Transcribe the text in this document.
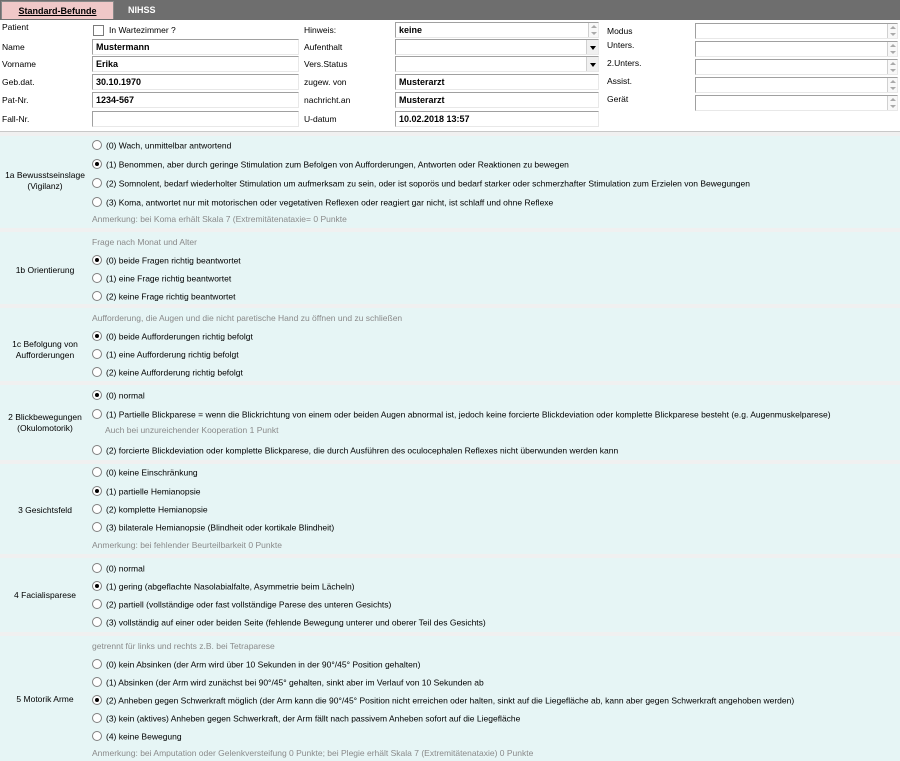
Standard-Befunde	NIHSS
Patient	In Wartezimmer ?
Name	Mustermann
Vorname	Erika
Geb.dat.	30.10.1970
Pat-Nr.	1234-567
Fall-Nr.
Hinweis:	keine
Aufenthalt
Vers.Status
zugew. von	Musterarzt
nachricht.an	Musterarzt
U-datum	10.02.2018 13:57
Modus
Unters.
2.Unters.
Assist.
Gerät
1a Bewusstseinslage (Vigilanz)
(0) Wach, unmittelbar antwortend
(1) Benommen, aber durch geringe Stimulation zum Befolgen von Aufforderungen, Antworten oder Reaktionen zu bewegen
(2) Somnolent, bedarf wiederholter Stimulation um aufmerksam zu sein, oder ist soporös und bedarf starker oder schmerzhafter Stimulation zum Erzielen von Bewegungen
(3) Koma, antwortet nur mit motorischen oder vegetativen Reflexen oder reagiert gar nicht, ist schlaff und ohne Reflexe
Anmerkung: bei Koma erhält Skala 7 (Extremitätenataxie= 0 Punkte
1b Orientierung
Frage nach Monat und Alter
(0) beide Fragen richtig beantwortet
(1) eine Frage richtig beantwortet
(2) keine Frage richtig beantwortet
1c Befolgung von Aufforderungen
Aufforderung, die Augen und die nicht paretische Hand zu öffnen und zu schließen
(0) beide Aufforderungen richtig befolgt
(1) eine Aufforderung richtig befolgt
(2) keine Aufforderung richtig befolgt
2 Blickbewegungen (Okulomotorik)
(0) normal
(1) Partielle Blickparese = wenn die Blickrichtung von einem oder beiden Augen abnormal ist, jedoch keine forcierte Blickdeviation oder komplette Blickparese besteht (e.g. Augenmuskelparese)
Auch bei unzureichender Kooperation 1 Punkt
(2) forcierte Blickdeviation oder komplette Blickparese, die durch Ausführen des oculocephalen Reflexes nicht überwunden werden kann
3 Gesichtsfeld
(0) keine Einschränkung
(1) partielle Hemianopsie
(2) komplette Hemianopsie
(3) bilaterale Hemianopsie (Blindheit oder kortikale Blindheit)
Anmerkung: bei fehlender Beurteilbarkeit 0 Punkte
4 Facialisparese
(0) normal
(1) gering (abgeflachte Nasolabialfalte, Asymmetrie beim Lächeln)
(2) partiell (vollständige oder fast vollständige Parese des unteren Gesichts)
(3) vollständig auf einer oder beiden Seite (fehlende Bewegung unterer und oberer Teil des Gesichts)
5 Motorik Arme
getrennt für links und rechts z.B. bei Tetraparese
(0) kein Absinken (der Arm wird über 10 Sekunden in der 90°/45° Position gehalten)
(1) Absinken (der Arm wird zunächst bei 90°/45° gehalten, sinkt aber im Verlauf von 10 Sekunden ab
(2) Anheben gegen Schwerkraft möglich (der Arm kann die 90°/45° Position nicht erreichen oder halten, sinkt auf die Liegefläche ab, kann aber gegen Schwerkraft angehoben werden)
(3) kein (aktives) Anheben gegen Schwerkraft, der Arm fällt nach passivem Anheben sofort auf die Liegefläche
(4) keine Bewegung
Anmerkung: bei Amputation oder Gelenkversteifung 0 Punkte; bei Plegie erhält Skala 7 (Extremitätenataxie) 0 Punkte
